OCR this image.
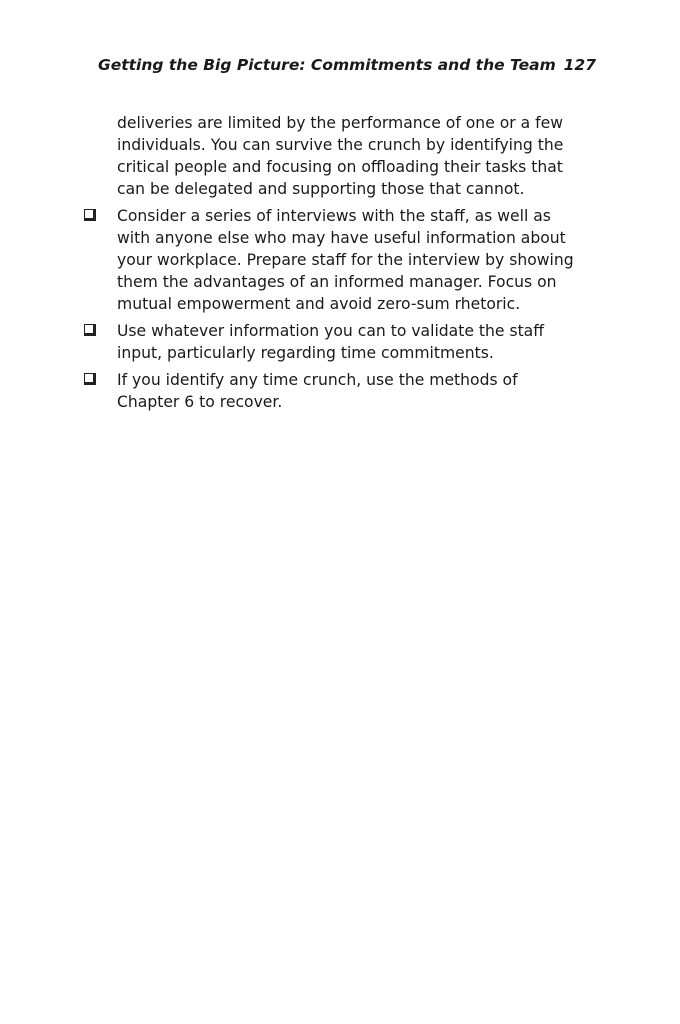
Getting the Big Picture: Commitments and the Team 127

deliveries are limited by the performance of one or a few
individuals. You can survive the crunch by identifying the
critical people and focusing on offloading their tasks that
can be delegated and supporting those that cannot.

Consider a series of interviews with the staff, as well as
with anyone else who may have useful information about
your workplace. Prepare staff for the interview by showing
them the advantages of an informed manager. Focus on
mutual empowerment and avoid zero-sum rhetoric.
Use whatever information you can to validate the staff
input, particularly regarding time commitments.
If you identify any time crunch, use the methods of
Chapter 6 to recover.
